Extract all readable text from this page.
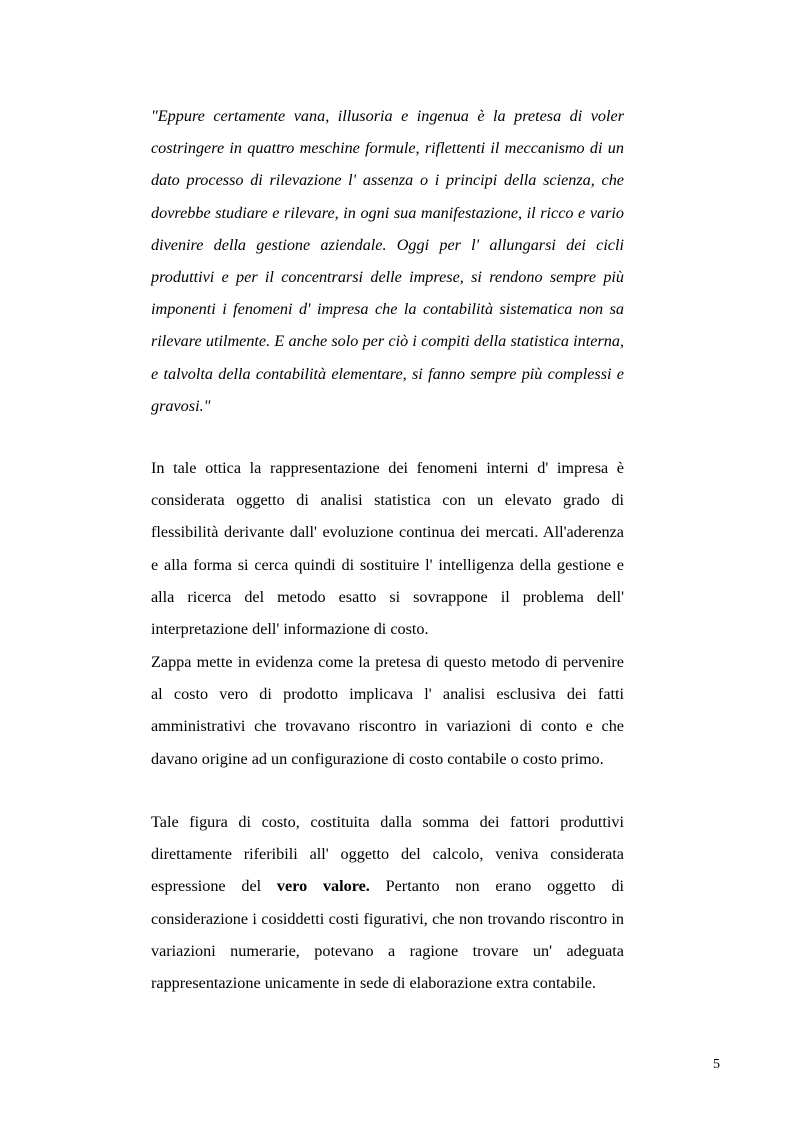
"Eppure certamente vana, illusoria e ingenua è la pretesa di voler costringere in quattro meschine formule, riflettenti il meccanismo di un dato processo di rilevazione l' assenza o i principi della scienza, che dovrebbe studiare e rilevare, in ogni sua manifestazione, il ricco e vario divenire della gestione aziendale. Oggi per l' allungarsi dei cicli produttivi e per il concentrarsi delle imprese, si rendono sempre più imponenti i fenomeni d' impresa che la contabilità sistematica non sa rilevare utilmente. E anche solo per ciò i compiti della statistica interna, e talvolta della contabilità elementare, si fanno sempre più complessi e gravosi."

In tale ottica la rappresentazione dei fenomeni interni d' impresa è considerata oggetto di analisi statistica con un elevato grado di flessibilità derivante dall' evoluzione continua dei mercati. All'aderenza e alla forma si cerca quindi di sostituire l' intelligenza della gestione e alla ricerca del metodo esatto si sovrappone il problema dell' interpretazione dell' informazione di costo.

Zappa mette in evidenza come la pretesa di questo metodo di pervenire al costo vero di prodotto implicava l' analisi esclusiva dei fatti amministrativi che trovavano riscontro in variazioni di conto e che davano origine ad un configurazione di costo contabile o costo primo.

Tale figura di costo, costituita dalla somma dei fattori produttivi direttamente riferibili all' oggetto del calcolo, veniva considerata espressione del vero valore. Pertanto non erano oggetto di considerazione i cosiddetti costi figurativi, che non trovando riscontro in variazioni numerarie, potevano a ragione trovare un' adeguata rappresentazione unicamente in sede di elaborazione extra contabile.

5
